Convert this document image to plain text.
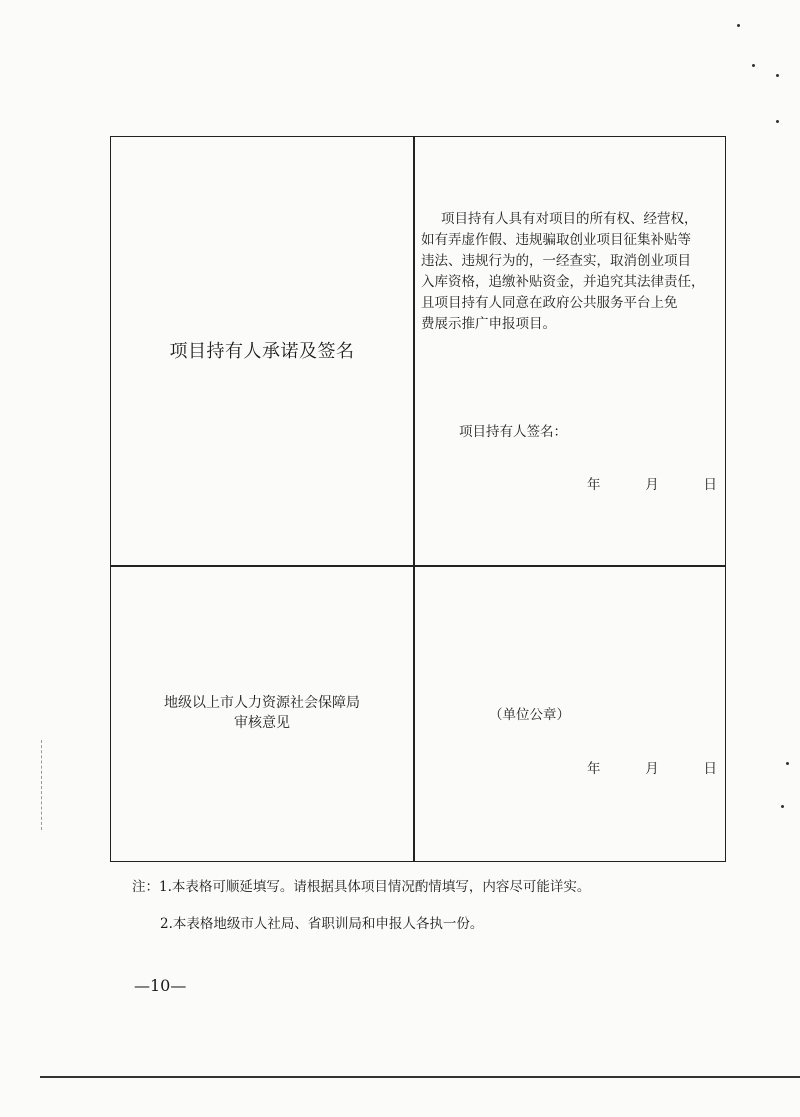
项目持有人承诺及签名
项目持有人具有对项目的所有权、经营权，
如有弄虚作假、违规骗取创业项目征集补贴等
违法、违规行为的，一经查实，取消创业项目
入库资格，追缴补贴资金，并追究其法律责任，
且项目持有人同意在政府公共服务平台上免
费展示推广申报项目。
项目持有人签名：
年	月	日
地级以上市人力资源社会保障局
审核意见	（单位公章）
年	月	日
注：1.本表格可顺延填写。请根据具体项目情况酌情填写，内容尽可能详实。
2.本表格地级市人社局、省职训局和申报人各执一份。
—10—
